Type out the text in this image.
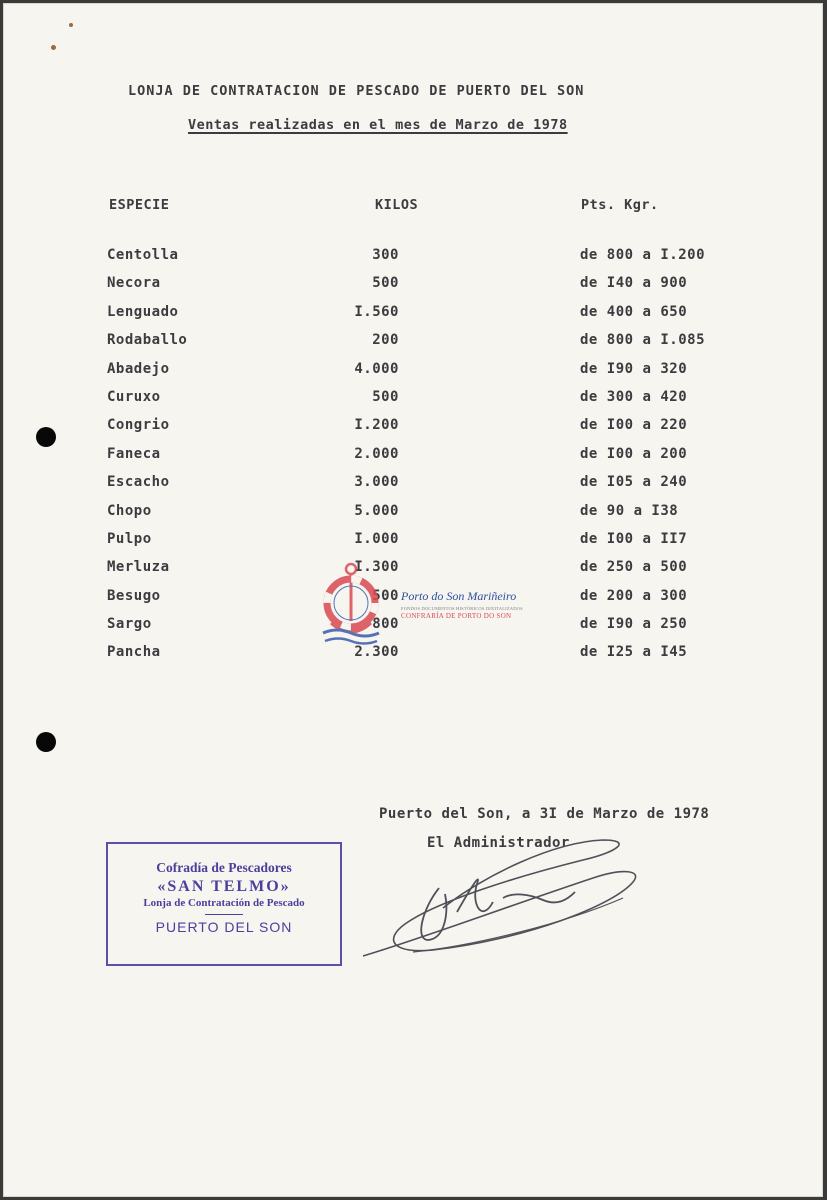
LONJA DE CONTRATACION DE PESCADO DE PUERTO DEL SON
Ventas realizadas en el mes de Marzo de 1978
ESPECIE	KILOS	Pts. Kgr.
Centolla	300	de 800 a I.200
Necora	500	de I40 a 900
Lenguado	I.560	de 400 a 650
Rodaballo	200	de 800 a I.085
Abadejo	4.000	de I90 a 320
Curuxo	500	de 300 a 420
Congrio	I.200	de I00 a 220
Faneca	2.000	de I00 a 200
Escacho	3.000	de I05 a 240
Chopo	5.000	de 90 a I38
Pulpo	I.000	de I00 a II7
Merluza	I.300	de 250 a 500
Besugo	500	de 200 a 300
Sargo	800	de I90 a 250
Pancha	2.300	de I25 a I45
Porto do Son Mariñeiro
FONDOS DOCUMENTOS HISTÓRICOS DIXITALIZADOS
CONFRARÍA DE PORTO DO SON
Puerto del Son, a 3I de Marzo de 1978
El Administrador
Cofradía de Pescadores
«SAN TELMO»
Lonja de Contratación de Pescado
PUERTO DEL SON
